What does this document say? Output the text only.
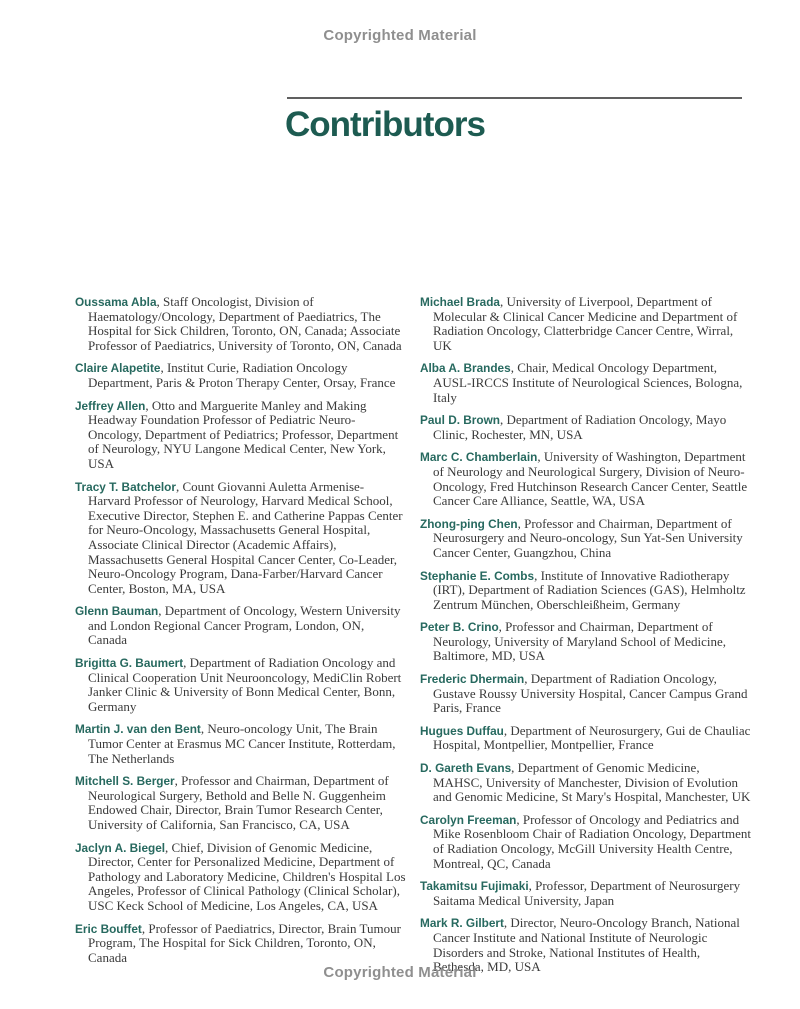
Copyrighted Material
Contributors

Oussama Abla, Staff Oncologist, Division of Haematology/Oncology, Department of Paediatrics, The Hospital for Sick Children, Toronto, ON, Canada; Associate Professor of Paediatrics, University of Toronto, ON, Canada

Claire Alapetite, Institut Curie, Radiation Oncology Department, Paris & Proton Therapy Center, Orsay, France

Jeffrey Allen, Otto and Marguerite Manley and Making Headway Foundation Professor of Pediatric Neuro-Oncology, Department of Pediatrics; Professor, Department of Neurology, NYU Langone Medical Center, New York, USA

Tracy T. Batchelor, Count Giovanni Auletta Armenise-Harvard Professor of Neurology, Harvard Medical School, Executive Director, Stephen E. and Catherine Pappas Center for Neuro-Oncology, Massachusetts General Hospital, Associate Clinical Director (Academic Affairs), Massachusetts General Hospital Cancer Center, Co-Leader, Neuro-Oncology Program, Dana-Farber/Harvard Cancer Center, Boston, MA, USA

Glenn Bauman, Department of Oncology, Western University and London Regional Cancer Program, London, ON, Canada

Brigitta G. Baumert, Department of Radiation Oncology and Clinical Cooperation Unit Neurooncology, MediClin Robert Janker Clinic & University of Bonn Medical Center, Bonn, Germany

Martin J. van den Bent, Neuro-oncology Unit, The Brain Tumor Center at Erasmus MC Cancer Institute, Rotterdam, The Netherlands

Mitchell S. Berger, Professor and Chairman, Department of Neurological Surgery, Bethold and Belle N. Guggenheim Endowed Chair, Director, Brain Tumor Research Center, University of California, San Francisco, CA, USA

Jaclyn A. Biegel, Chief, Division of Genomic Medicine, Director, Center for Personalized Medicine, Department of Pathology and Laboratory Medicine, Children's Hospital Los Angeles, Professor of Clinical Pathology (Clinical Scholar), USC Keck School of Medicine, Los Angeles, CA, USA

Eric Bouffet, Professor of Paediatrics, Director, Brain Tumour Program, The Hospital for Sick Children, Toronto, ON, Canada

Michael Brada, University of Liverpool, Department of Molecular & Clinical Cancer Medicine and Department of Radiation Oncology, Clatterbridge Cancer Centre, Wirral, UK

Alba A. Brandes, Chair, Medical Oncology Department, AUSL-IRCCS Institute of Neurological Sciences, Bologna, Italy

Paul D. Brown, Department of Radiation Oncology, Mayo Clinic, Rochester, MN, USA

Marc C. Chamberlain, University of Washington, Department of Neurology and Neurological Surgery, Division of Neuro-Oncology, Fred Hutchinson Research Cancer Center, Seattle Cancer Care Alliance, Seattle, WA, USA

Zhong-ping Chen, Professor and Chairman, Department of Neurosurgery and Neuro-oncology, Sun Yat-Sen University Cancer Center, Guangzhou, China

Stephanie E. Combs, Institute of Innovative Radiotherapy (IRT), Department of Radiation Sciences (GAS), Helmholtz Zentrum München, Oberschleißheim, Germany

Peter B. Crino, Professor and Chairman, Department of Neurology, University of Maryland School of Medicine, Baltimore, MD, USA

Frederic Dhermain, Department of Radiation Oncology, Gustave Roussy University Hospital, Cancer Campus Grand Paris, France

Hugues Duffau, Department of Neurosurgery, Gui de Chauliac Hospital, Montpellier, Montpellier, France

D. Gareth Evans, Department of Genomic Medicine, MAHSC, University of Manchester, Division of Evolution and Genomic Medicine, St Mary's Hospital, Manchester, UK

Carolyn Freeman, Professor of Oncology and Pediatrics and Mike Rosenbloom Chair of Radiation Oncology, Department of Radiation Oncology, McGill University Health Centre, Montreal, QC, Canada

Takamitsu Fujimaki, Professor, Department of Neurosurgery Saitama Medical University, Japan

Mark R. Gilbert, Director, Neuro-Oncology Branch, National Cancer Institute and National Institute of Neurologic Disorders and Stroke, National Institutes of Health, Bethesda, MD, USA

Copyrighted Material
